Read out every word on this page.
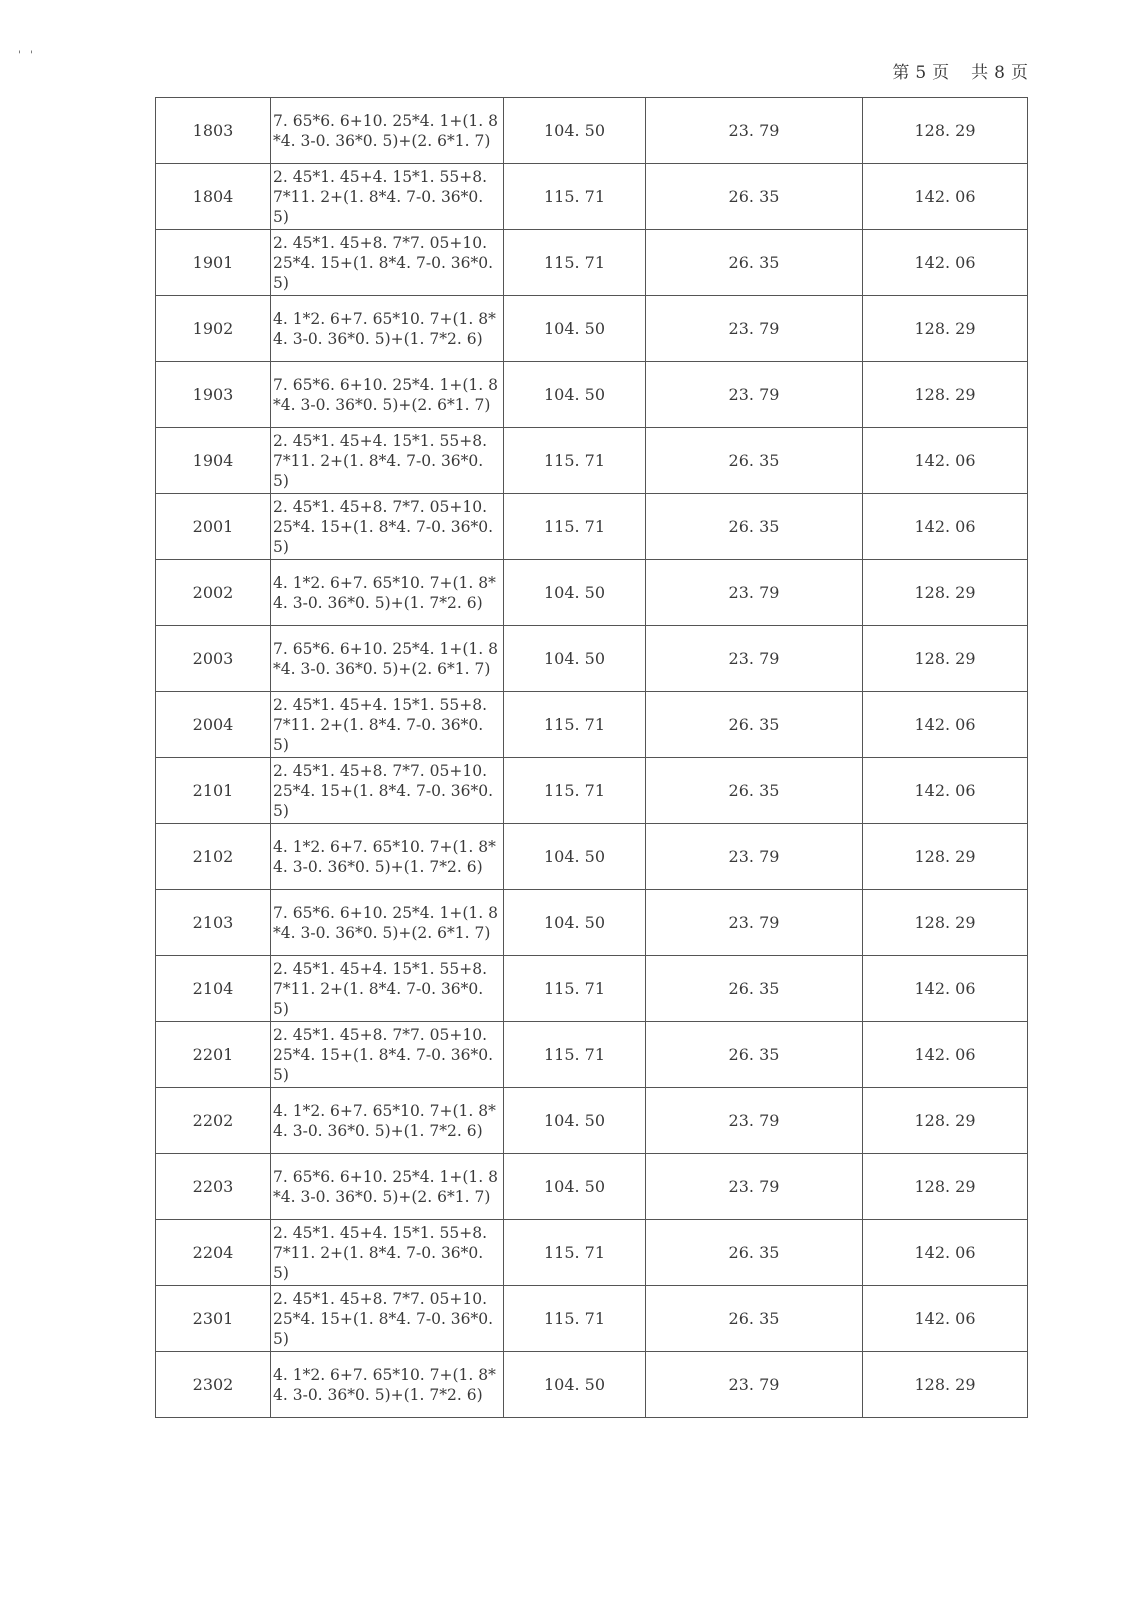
'   '
第 5 页 共 8 页
1803	7. 65*6. 6+10. 25*4. 1+(1. 8*4. 3-0. 36*0. 5)+(2. 6*1. 7)	104. 50	23. 79	128. 29
1804	2. 45*1. 45+4. 15*1. 55+8. 7*11. 2+(1. 8*4. 7-0. 36*0. 5)	115. 71	26. 35	142. 06
1901	2. 45*1. 45+8. 7*7. 05+10. 25*4. 15+(1. 8*4. 7-0. 36*0. 5)	115. 71	26. 35	142. 06
1902	4. 1*2. 6+7. 65*10. 7+(1. 8*4. 3-0. 36*0. 5)+(1. 7*2. 6)	104. 50	23. 79	128. 29
1903	7. 65*6. 6+10. 25*4. 1+(1. 8*4. 3-0. 36*0. 5)+(2. 6*1. 7)	104. 50	23. 79	128. 29
1904	2. 45*1. 45+4. 15*1. 55+8. 7*11. 2+(1. 8*4. 7-0. 36*0. 5)	115. 71	26. 35	142. 06
2001	2. 45*1. 45+8. 7*7. 05+10. 25*4. 15+(1. 8*4. 7-0. 36*0. 5)	115. 71	26. 35	142. 06
2002	4. 1*2. 6+7. 65*10. 7+(1. 8*4. 3-0. 36*0. 5)+(1. 7*2. 6)	104. 50	23. 79	128. 29
2003	7. 65*6. 6+10. 25*4. 1+(1. 8*4. 3-0. 36*0. 5)+(2. 6*1. 7)	104. 50	23. 79	128. 29
2004	2. 45*1. 45+4. 15*1. 55+8. 7*11. 2+(1. 8*4. 7-0. 36*0. 5)	115. 71	26. 35	142. 06
2101	2. 45*1. 45+8. 7*7. 05+10. 25*4. 15+(1. 8*4. 7-0. 36*0. 5)	115. 71	26. 35	142. 06
2102	4. 1*2. 6+7. 65*10. 7+(1. 8*4. 3-0. 36*0. 5)+(1. 7*2. 6)	104. 50	23. 79	128. 29
2103	7. 65*6. 6+10. 25*4. 1+(1. 8*4. 3-0. 36*0. 5)+(2. 6*1. 7)	104. 50	23. 79	128. 29
2104	2. 45*1. 45+4. 15*1. 55+8. 7*11. 2+(1. 8*4. 7-0. 36*0. 5)	115. 71	26. 35	142. 06
2201	2. 45*1. 45+8. 7*7. 05+10. 25*4. 15+(1. 8*4. 7-0. 36*0. 5)	115. 71	26. 35	142. 06
2202	4. 1*2. 6+7. 65*10. 7+(1. 8*4. 3-0. 36*0. 5)+(1. 7*2. 6)	104. 50	23. 79	128. 29
2203	7. 65*6. 6+10. 25*4. 1+(1. 8*4. 3-0. 36*0. 5)+(2. 6*1. 7)	104. 50	23. 79	128. 29
2204	2. 45*1. 45+4. 15*1. 55+8. 7*11. 2+(1. 8*4. 7-0. 36*0. 5)	115. 71	26. 35	142. 06
2301	2. 45*1. 45+8. 7*7. 05+10. 25*4. 15+(1. 8*4. 7-0. 36*0. 5)	115. 71	26. 35	142. 06
2302	4. 1*2. 6+7. 65*10. 7+(1. 8*4. 3-0. 36*0. 5)+(1. 7*2. 6)	104. 50	23. 79	128. 29
